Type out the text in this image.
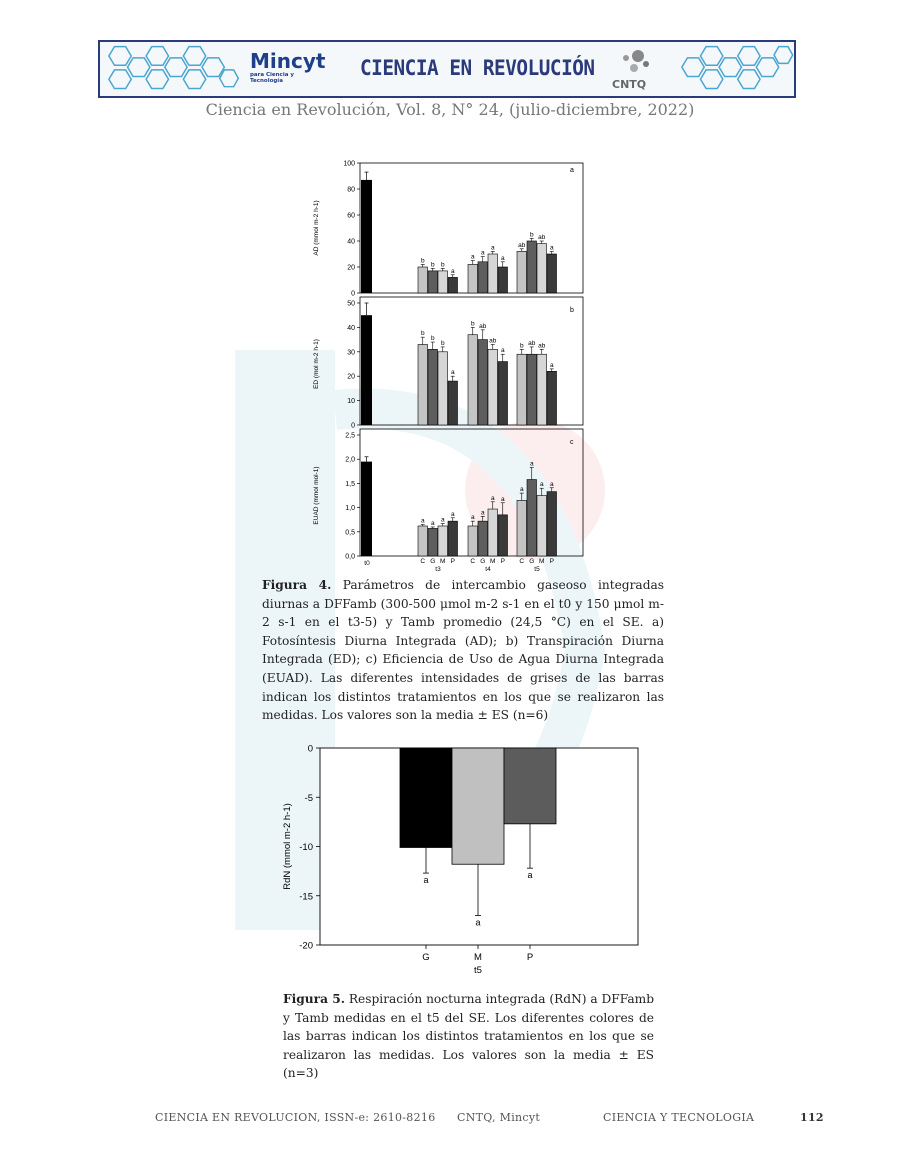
Mincyt
para Ciencia y Tecnología
CIENCIA EN REVOLUCIÓN
CNTQ
Ciencia en Revolución, Vol. 8, N° 24, (julio-diciembre, 2022)
0
20
40
60
80
100
AD (mmol m-2 h-1)
a
b
a
ab
b
a
b
b
a
ab
a
a
a
0
10
20
30
40
50
ED (mol m-2 h-1)
b
b
b
b
b
ab
ab
b	ab
ab
a
a
a
0,0
0,5
1,0
1,5
2,0
2,5
EUAD (mmol mol-1)
c
a	a
a
a
a
a
a
a
a
a
a
a
t0	C G M P
t3
C G M P
t4
C G M P
t5
Figura 4. Parámetros de intercambio gaseoso integradas diurnas a DFFamb (300-500 μmol m-2 s-1 en el t0 y 150 μmol m-2 s-1 en el t3-5) y Tamb promedio (24,5 °C) en el SE. a) Fotosíntesis Diurna Integrada (AD); b) Transpiración Diurna Integrada (ED); c) Eficiencia de Uso de Agua Diurna Integrada (EUAD). Las diferentes intensidades de grises de las barras indican los distintos tratamientos en los que se realizaron las medidas. Los valores son la media ± ES (n=6)
0
-5
-10
-15
-20
RdN (mmol m-2 h-1)	a
G
a
M
a
P
t5
Figura 5. Respiración nocturna integrada (RdN) a DFFamb y Tamb medidas en el t5 del SE. Los diferentes colores de las barras indican los distintos tratamientos en los que se realizaron las medidas. Los valores son la media ± ES (n=3)
CIENCIA EN REVOLUCION, ISSN-e: 2610-8216 CNTQ, Mincyt	CIENCIA Y TECNOLOGIA	112
